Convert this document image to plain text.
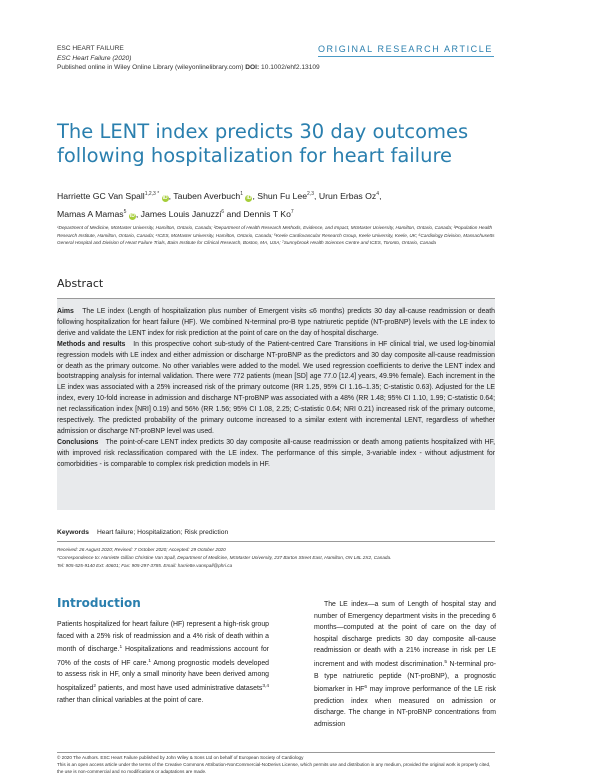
ESC HEART FAILURE
ESC Heart Failure (2020)
Published online in Wiley Online Library (wileyonlinelibrary.com) DOI: 10.1002/ehf2.13109
ORIGINAL RESEARCH ARTICLE
The LENT index predicts 30 day outcomes following hospitalization for heart failure
Harriette GC Van Spall$^{1,2,3 *}$ iD, Tauben Averbuch$^1$ iD, Shun Fu Lee$^{2,3}$, Urun Erbas Oz$^4$,
Mamas A Mamas$^5$ iD, James Louis Januzzi$^6$ and Dennis T Ko$^7$
¹Department of Medicine, McMaster University, Hamilton, Ontario, Canada; ²Department of Health Research Methods, Evidence, and Impact, McMaster University, Hamilton, Ontario, Canada; ³Population Health Research Institute, Hamilton, Ontario, Canada; ⁴ICES, McMaster University, Hamilton, Ontario, Canada; ⁵Keele Cardiovascular Research Group, Keele University, Keele, UK; ⁶Cardiology Division, Massachusetts General Hospital and Division of Heart Failure Trials, Baim Institute for Clinical Research, Boston, MA, USA; ⁷Sunnybrook Health Sciences Centre and ICES, Toronto, Ontario, Canada
Abstract

Aims The LE index (Length of hospitalization plus number of Emergent visits ≤6 months) predicts 30 day all-cause readmission or death following hospitalization for heart failure (HF). We combined N-terminal pro-B type natriuretic peptide (NT-proBNP) levels with the LE index to derive and validate the LENT index for risk prediction at the point of care on the day of hospital discharge.

Methods and results In this prospective cohort sub-study of the Patient-centred Care Transitions in HF clinical trial, we used log-binomial regression models with LE index and either admission or discharge NT-proBNP as the predictors and 30 day composite all-cause readmission or death as the primary outcome. No other variables were added to the model. We used regression coefficients to derive the LENT index and bootstrapping analysis for internal validation. There were 772 patients (mean [SD] age 77.0 [12.4] years, 49.9% female). Each increment in the LE index was associated with a 25% increased risk of the primary outcome (RR 1.25, 95% CI 1.16–1.35; C-statistic 0.63). Adjusted for the LE index, every 10-fold increase in admission and discharge NT-proBNP was associated with a 48% (RR 1.48; 95% CI 1.10, 1.99; C-statistic 0.64; net reclassification index [NRI] 0.19) and 56% (RR 1.56; 95% CI 1.08, 2.25; C-statistic 0.64; NRI 0.21) increased risk of the primary outcome, respectively. The predicted probability of the primary outcome increased to a similar extent with incremental LENT, regardless of whether admission or discharge NT-proBNP level was used.

Conclusions The point-of-care LENT index predicts 30 day composite all-cause readmission or death among patients hospitalized with HF, with improved risk reclassification compared with the LE index. The performance of this simple, 3-variable index - without adjustment for comorbidities - is comparable to complex risk prediction models in HF.

Keywords Heart failure; Hospitalization; Risk prediction
Received: 26 August 2020; Revised: 7 October 2020; Accepted: 29 October 2020
*Correspondence to: Harriette Gillian Christine Van Spall, Department of Medicine, McMaster University, 237 Barton Street East, Hamilton, ON L8L 2X2, Canada.
Tel: 905-525-9140 Ext: 40601; Fax: 905-297-3785. Email: harriette.vanspall@phri.ca
Introduction
Patients hospitalized for heart failure (HF) represent a high-risk group faced with a 25% risk of readmission and a 4% risk of death within a month of discharge.$^1$ Hospitalizations and readmissions account for 70% of the costs of HF care.$^1$ Among prognostic models developed to assess risk in HF, only a small minority have been derived among hospitalized$^2$ patients, and most have used administrative datasets$^{3,4}$ rather than clinical variables at the point of care.
The LE index—a sum of Length of hospital stay and number of Emergency department visits in the preceding 6 months—computed at the point of care on the day of hospital discharge predicts 30 day composite all-cause readmission or death with a 21% increase in risk per LE increment and with modest discrimination.$^5$ N-terminal pro-B type natriuretic peptide (NT-proBNP), a prognostic biomarker in $HF^6$ may improve performance of the LE risk prediction index when measured on admission or discharge. The change in NT-proBNP concentrations from admission
© 2020 The Authors. ESC Heart Failure published by John Wiley & Sons Ltd on behalf of European Society of Cardiology
This is an open access article under the terms of the Creative Commons Attribution-NonCommercial-NoDerivs License, which permits use and distribution in any medium, provided the original work is properly cited, the use is non-commercial and no modifications or adaptations are made.
